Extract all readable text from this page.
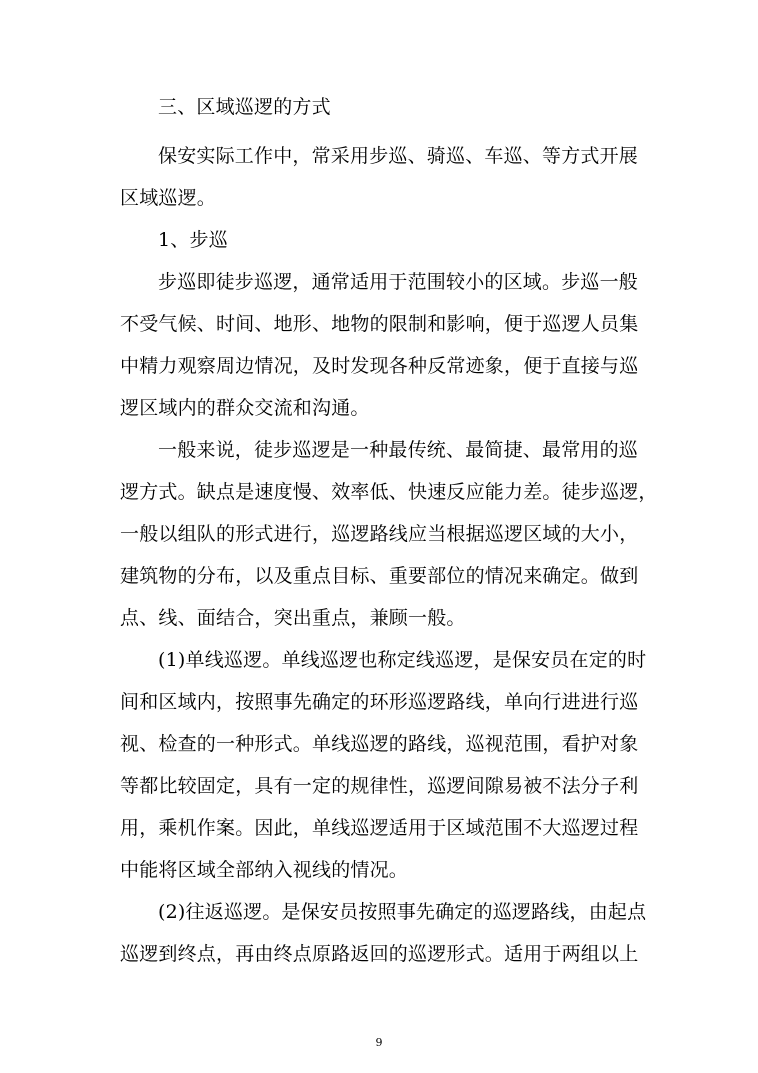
三、区域巡逻的方式
保安实际工作中，常采用步巡、骑巡、车巡、等方式开展
区域巡逻。
1、步巡
步巡即徒步巡逻，通常适用于范围较小的区域。步巡一般
不受气候、时间、地形、地物的限制和影响，便于巡逻人员集
中精力观察周边情况，及时发现各种反常迹象，便于直接与巡
逻区域内的群众交流和沟通。
一般来说，徒步巡逻是一种最传统、最简捷、最常用的巡
逻方式。缺点是速度慢、效率低、快速反应能力差。徒步巡逻，
一般以组队的形式进行，巡逻路线应当根据巡逻区域的大小，
建筑物的分布，以及重点目标、重要部位的情况来确定。做到
点、线、面结合，突出重点，兼顾一般。
(1)单线巡逻。单线巡逻也称定线巡逻，是保安员在定的时
间和区域内，按照事先确定的环形巡逻路线，单向行进进行巡
视、检查的一种形式。单线巡逻的路线，巡视范围，看护对象
等都比较固定，具有一定的规律性，巡逻间隙易被不法分子利
用，乘机作案。因此，单线巡逻适用于区域范围不大巡逻过程
中能将区域全部纳入视线的情况。
(2)往返巡逻。是保安员按照事先确定的巡逻路线，由起点
巡逻到终点，再由终点原路返回的巡逻形式。适用于两组以上
9
